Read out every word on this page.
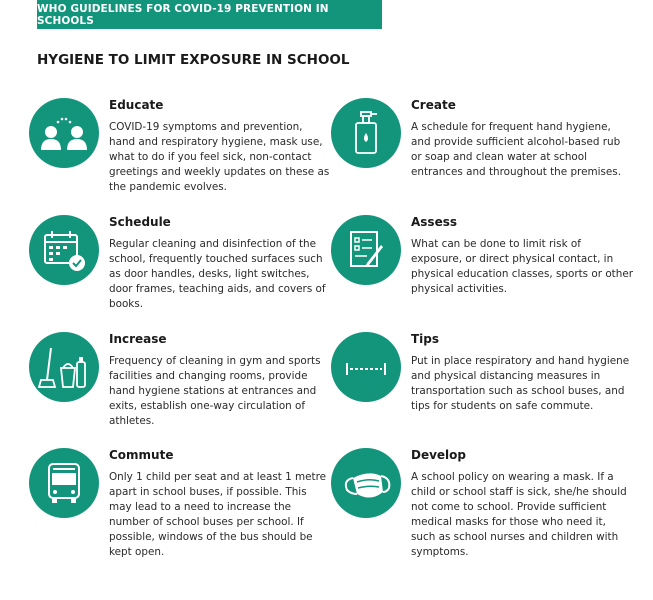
WHO GUIDELINES FOR COVID-19 PREVENTION IN SCHOOLS
HYGIENE TO LIMIT EXPOSURE IN SCHOOL
Educate
COVID-19 symptoms and prevention, hand and respiratory hygiene, mask use, what to do if you feel sick, non-contact greetings and weekly updates on these as the pandemic evolves.
Create
A schedule for frequent hand hygiene, and provide sufficient alcohol-based rub or soap and clean water at school entrances and throughout the premises.
Schedule
Regular cleaning and disinfection of the school, frequently touched surfaces such as door handles, desks, light switches, door frames, teaching aids, and covers of books.
Assess
What can be done to limit risk of exposure, or direct physical contact, in physical education classes, sports or other physical activities.
Increase
Frequency of cleaning in gym and sports facilities and changing rooms, provide hand hygiene stations at entrances and exits, establish one-way circulation of athletes.
Tips
Put in place respiratory and hand hygiene and physical distancing measures in transportation such as school buses, and tips for students on safe commute.
Commute
Only 1 child per seat and at least 1 metre apart in school buses, if possible. This may lead to a need to increase the number of school buses per school. If possible, windows of the bus should be kept open.
Develop
A school policy on wearing a mask. If a child or school staff is sick, she/he should not come to school. Provide sufficient medical masks for those who need it, such as school nurses and children with symptoms.
